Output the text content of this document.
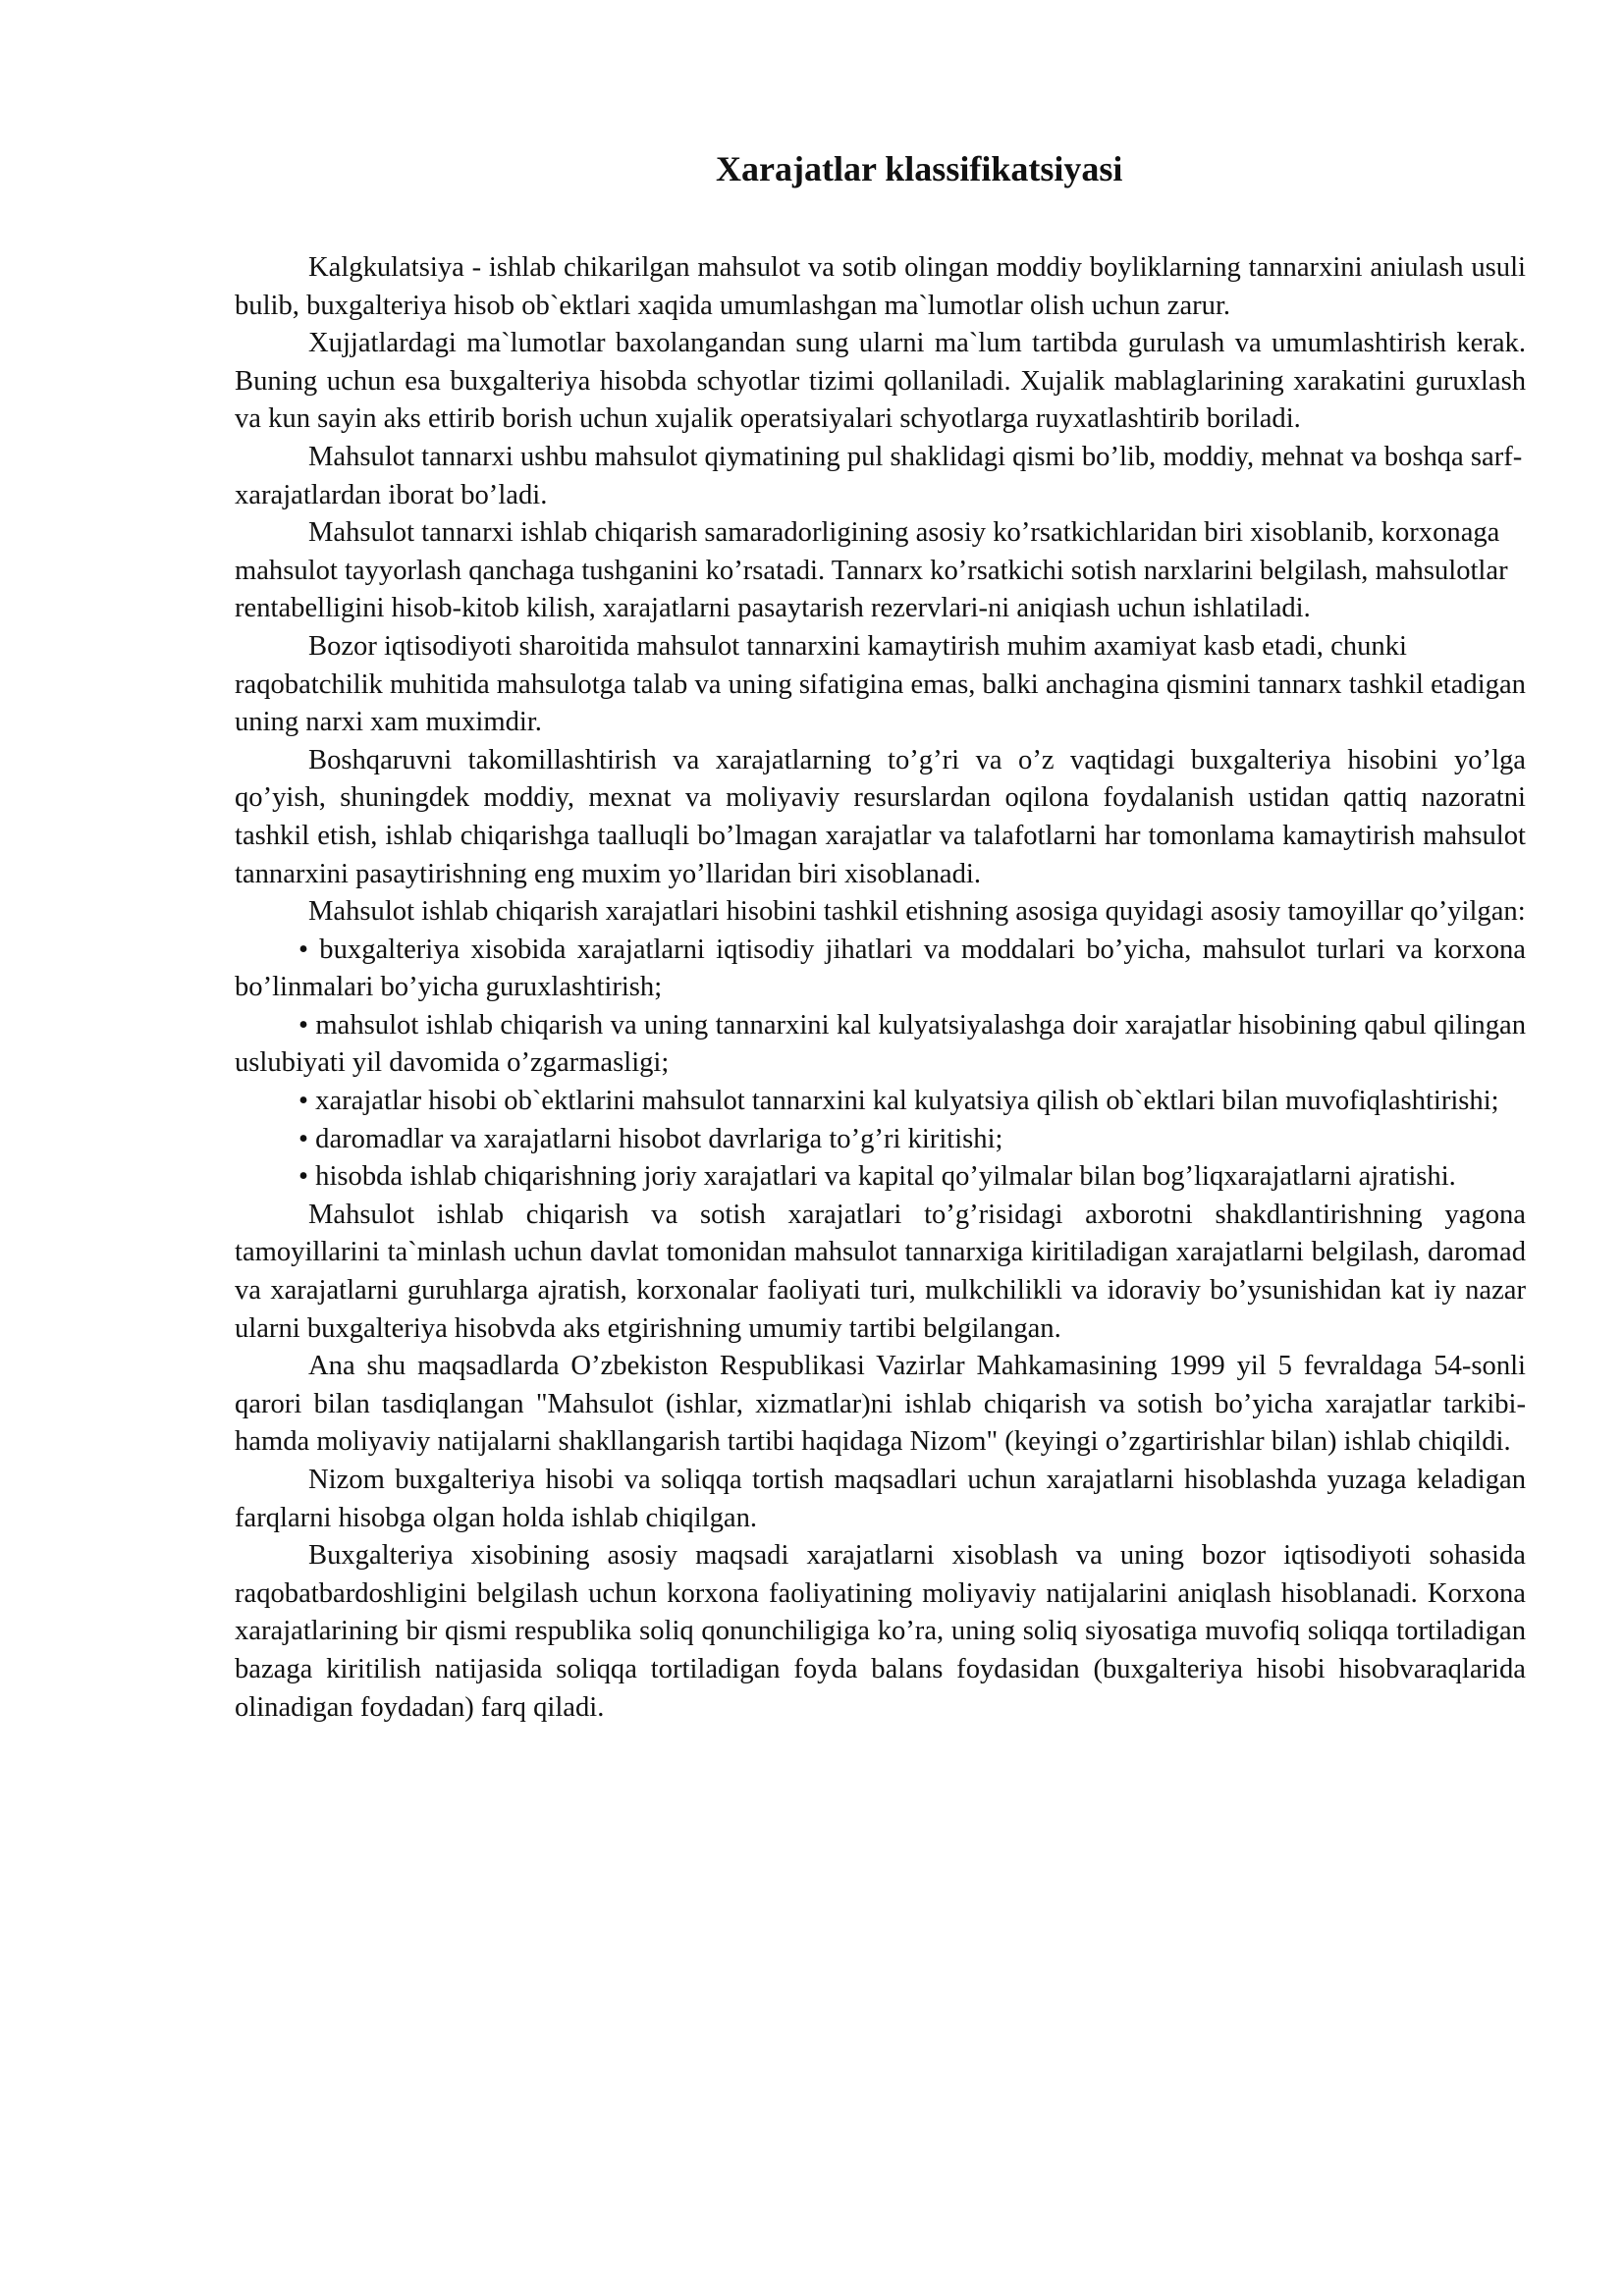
Xarajatlar klassifikatsiyasi

Kalgkulatsiya - ishlab chikarilgan mahsulot va sotib olingan moddiy boyliklarning tannarxini aniulash usuli bulib, buxgalteriya hisob ob`ektlari xaqida umumlashgan ma`lumotlar olish uchun zarur.

Xujjatlardagi ma`lumotlar baxolangandan sung ularni ma`lum tartibda gurulash va umumlashtirish kerak. Buning uchun esa buxgalteriya hisobda schyotlar tizimi qollaniladi. Xujalik mablaglarining xarakatini guruxlash va kun sayin aks ettirib borish uchun xujalik operatsiyalari schyotlarga ruyxatlashtirib boriladi.

Mahsulot tannarxi ushbu mahsulot qiymatining pul shaklidagi qismi bo’lib, moddiy, mehnat va boshqa sarf-xarajatlardan iborat bo’ladi.

Mahsulot tannarxi ishlab chiqarish samaradorligining asosiy ko’rsatkichlaridan biri xisoblanib, korxonaga mahsulot tayyorlash qanchaga tushganini ko’rsatadi. Tannarx ko’rsatkichi sotish narxlarini belgilash, mahsulotlar rentabelligini hisob-kitob kilish, xarajatlarni pasaytarish rezervlari-ni aniqiash uchun ishlatiladi.

Bozor iqtisodiyoti sharoitida mahsulot tannarxini kamaytirish muhim axamiyat kasb etadi, chunki raqobatchilik muhitida mahsulotga talab va uning sifatigina emas, balki anchagina qismini tannarx tashkil etadigan uning narxi xam muximdir.

Boshqaruvni takomillashtirish va xarajatlarning to’g’ri va o’z vaqtidagi buxgalteriya hisobini yo’lga qo’yish, shuningdek moddiy, mexnat va moliyaviy resurslardan oqilona foydalanish ustidan qattiq nazoratni tashkil etish, ishlab chiqarishga taalluqli bo’lmagan xarajatlar va talafotlarni har tomonlama kamaytirish mahsulot tannarxini pasaytirishning eng muxim yo’llaridan biri xisoblanadi.

Mahsulot ishlab chiqarish xarajatlari hisobini tashkil etishning asosiga quyidagi asosiy tamoyillar qo’yilgan:

• buxgalteriya xisobida xarajatlarni iqtisodiy jihatlari va moddalari bo’yicha, mahsulot turlari va korxona bo’linmalari bo’yicha guruxlashtirish;

• mahsulot ishlab chiqarish va uning tannarxini kal kulyatsiyalashga doir xarajatlar hisobining qabul qilingan uslubiyati yil davomida o’zgarmasligi;

• xarajatlar hisobi ob`ektlarini mahsulot tannarxini kal kulyatsiya qilish ob`ektlari bilan muvofiqlashtirishi;

• daromadlar va xarajatlarni hisobot davrlariga to’g’ri kiritishi;

• hisobda ishlab chiqarishning joriy xarajatlari va kapital qo’yilmalar bilan bog’liqxarajatlarni ajratishi.

Mahsulot ishlab chiqarish va sotish xarajatlari to’g’risidagi axborotni shakdlantirishning yagona tamoyillarini ta`minlash uchun davlat tomonidan mahsulot tannarxiga kiritiladigan xarajatlarni belgilash, daromad va xarajatlarni guruhlarga ajratish, korxonalar faoliyati turi, mulkchilikli va idoraviy bo’ysunishidan kat iy nazar ularni buxgalteriya hisobvda aks etgirishning umumiy tartibi belgilangan.

Ana shu maqsadlarda O’zbekiston Respublikasi Vazirlar Mahkamasining 1999 yil 5 fevraldaga 54-sonli qarori bilan tasdiqlangan "Mahsulot (ishlar, xizmatlar)ni ishlab chiqarish va sotish bo’yicha xarajatlar tarkibi-hamda moliyaviy natijalarni shakllangarish tartibi haqidaga Nizom" (keyingi o’zgartirishlar bilan) ishlab chiqildi.

Nizom buxgalteriya hisobi va soliqqa tortish maqsadlari uchun xarajatlarni hisoblashda yuzaga keladigan farqlarni hisobga olgan holda ishlab chiqilgan.

Buxgalteriya xisobining asosiy maqsadi xarajatlarni xisoblash va uning bozor iqtisodiyoti sohasida raqobatbardoshligini belgilash uchun korxona faoliyatining moliyaviy natijalarini aniqlash hisoblanadi. Korxona xarajatlarining bir qismi respublika soliq qonunchiligiga ko’ra, uning soliq siyosatiga muvofiq soliqqa tortiladigan bazaga kiritilish natijasida soliqqa tortiladigan foyda balans foydasidan (buxgalteriya hisobi hisobvaraqlarida olinadigan foydadan) farq qiladi.
